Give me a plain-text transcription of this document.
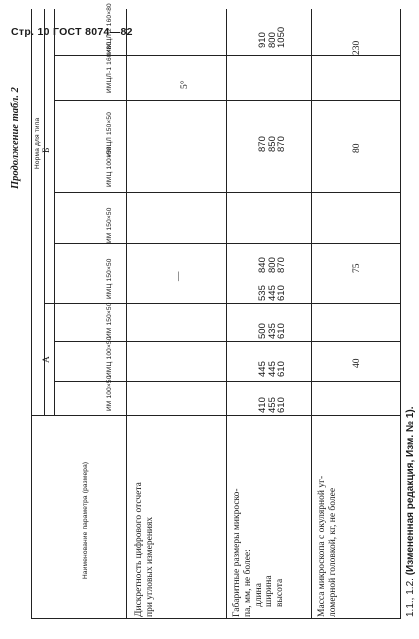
Стр. 10 ГОСТ 8074—82
Продолжение табл. 2
Наименование параметра (размера)
Норма для типа
А
Б
ИМ 100×50
ИМЦ 100×50
ИМ 150×50
ИМЦ 150×50
ИМ 150×50
ИМЦ 100×50
ИМЦЛ 150×50
ИМЦЛ-1 160×80
ИМЦЛ 2 160×80
Дискретность цифрового отсчета при угловых измерениях
—
5°
Габаритные размеры микроско- па, мм, не более: длина ширина высота
410
455
610
445
445
610
500
435
610
535
445
610
840
800
870
870
850
870
910
800
1050
Масса микроскопа с окулярной уг- ломерной головкой, кг, не более
40
75
80
230
1.1., 1.2. (Измененная редакция, Изм. № 1).
